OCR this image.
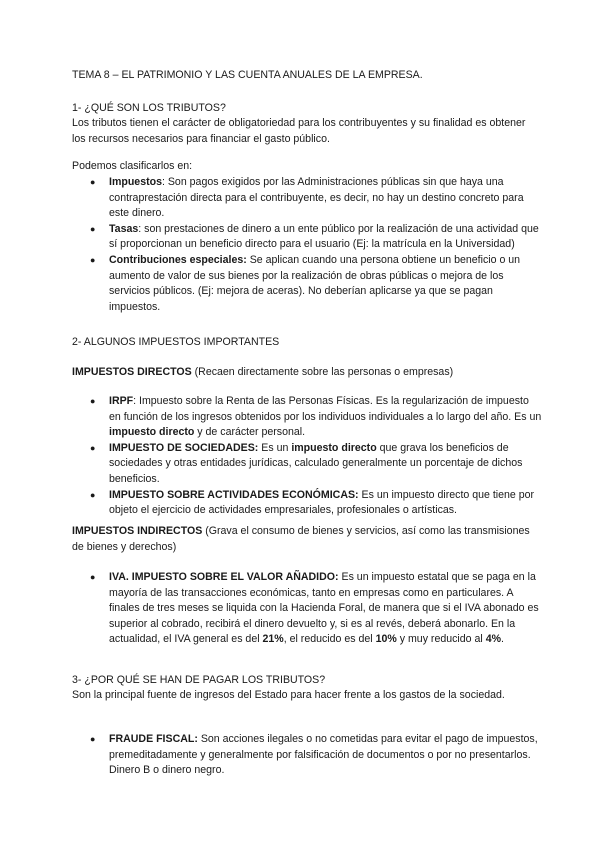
TEMA 8 – EL PATRIMONIO Y LAS CUENTA ANUALES DE LA EMPRESA.

1- ¿QUÉ SON LOS TRIBUTOS?

Los tributos tienen el carácter de obligatoriedad para los contribuyentes y su finalidad es obtener los recursos necesarios para financiar el gasto público.

Podemos clasificarlos en:

● Impuestos: Son pagos exigidos por las Administraciones públicas sin que haya una contraprestación directa para el contribuyente, es decir, no hay un destino concreto para este dinero.
● Tasas: son prestaciones de dinero a un ente público por la realización de una actividad que sí proporcionan un beneficio directo para el usuario (Ej: la matrícula en la Universidad)
● Contribuciones especiales: Se aplican cuando una persona obtiene un beneficio o un aumento de valor de sus bienes por la realización de obras públicas o mejora de los servicios públicos. (Ej: mejora de aceras). No deberían aplicarse ya que se pagan impuestos.

2- ALGUNOS IMPUESTOS IMPORTANTES

IMPUESTOS DIRECTOS (Recaen directamente sobre las personas o empresas)

● IRPF: Impuesto sobre la Renta de las Personas Físicas. Es la regularización de impuesto en función de los ingresos obtenidos por los individuos individuales a lo largo del año. Es un impuesto directo y de carácter personal.
● IMPUESTO DE SOCIEDADES: Es un impuesto directo que grava los beneficios de sociedades y otras entidades jurídicas, calculado generalmente un porcentaje de dichos beneficios.
● IMPUESTO SOBRE ACTIVIDADES ECONÓMICAS: Es un impuesto directo que tiene por objeto el ejercicio de actividades empresariales, profesionales o artísticas.

IMPUESTOS INDIRECTOS (Grava el consumo de bienes y servicios, así como las transmisiones de bienes y derechos)

● IVA. IMPUESTO SOBRE EL VALOR AÑADIDO: Es un impuesto estatal que se paga en la mayoría de las transacciones económicas, tanto en empresas como en particulares. A finales de tres meses se liquida con la Hacienda Foral, de manera que si el IVA abonado es superior al cobrado, recibirá el dinero devuelto y, si es al revés, deberá abonarlo. En la actualidad, el IVA general es del 21%, el reducido es del 10% y muy reducido al 4%.

3- ¿POR QUÉ SE HAN DE PAGAR LOS TRIBUTOS?

Son la principal fuente de ingresos del Estado para hacer frente a los gastos de la sociedad.

● FRAUDE FISCAL: Son acciones ilegales o no cometidas para evitar el pago de impuestos, premeditadamente y generalmente por falsificación de documentos o por no presentarlos. Dinero B o dinero negro.
